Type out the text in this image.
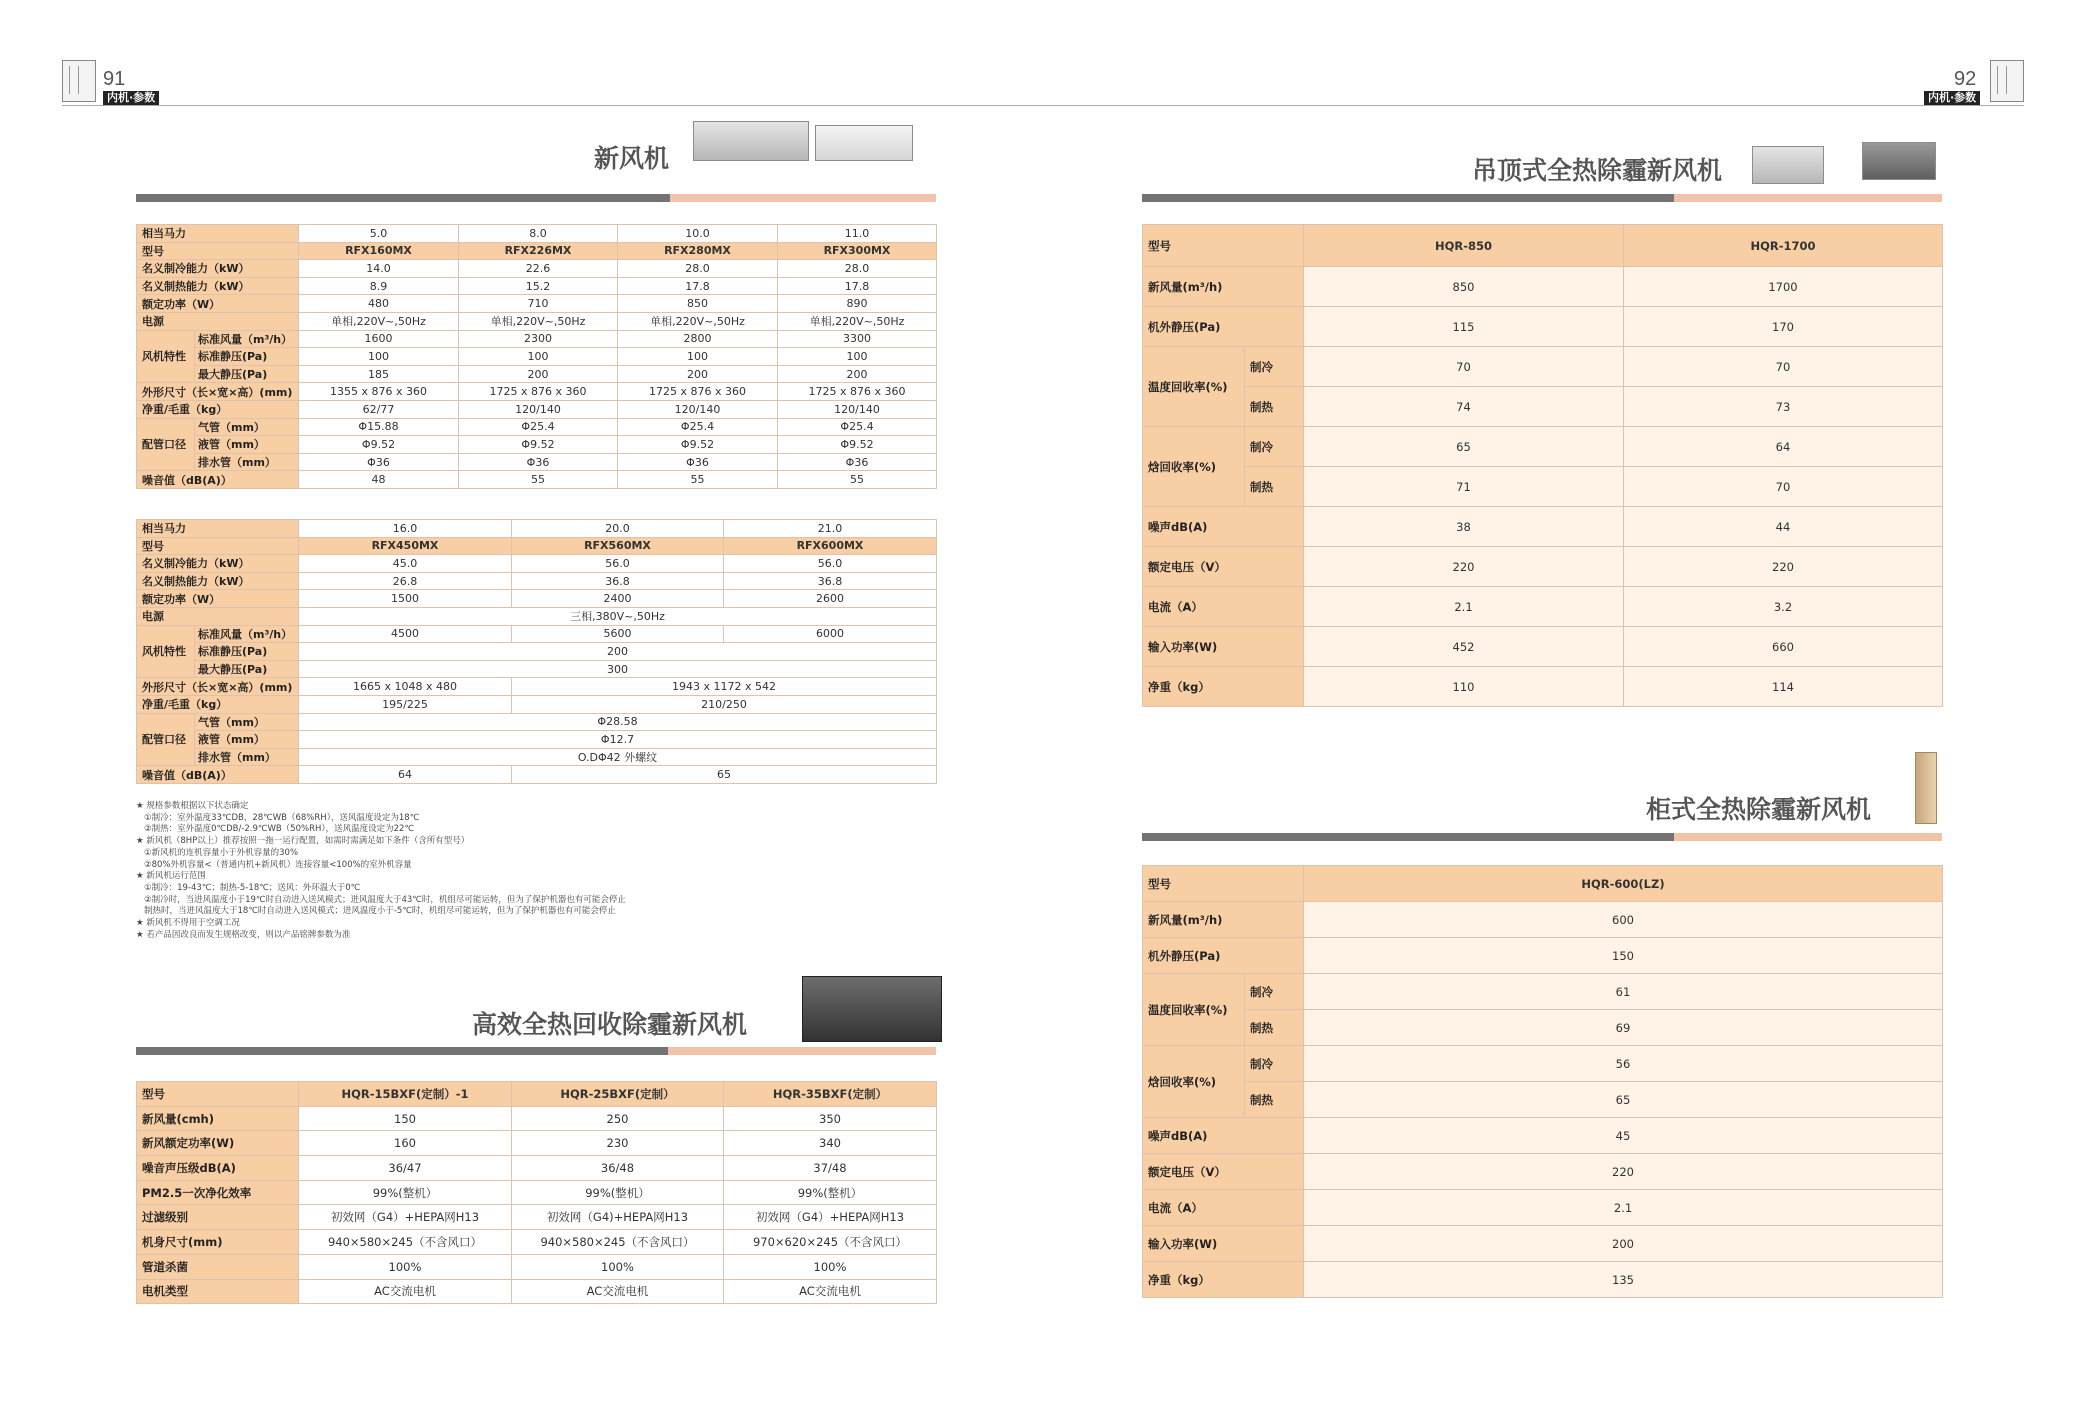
91
内机·参数
92
内机·参数
新风机
相当马力		5.0	8.0	10.0	11.0
型号		RFX160MX	RFX226MX	RFX280MX	RFX300MX
名义制冷能力（kW）		14.0	22.6	28.0	28.0
名义制热能力（kW）		8.9	15.2	17.8	17.8
额定功率（W）		480	710	850	890
电源		单相,220V~,50Hz	单相,220V~,50Hz	单相,220V~,50Hz	单相,220V~,50Hz
风机特性	标准风量（m³/h）	1600	2300	2800	3300
	标准静压(Pa)	100	100	100	100
	最大静压(Pa)	185	200	200	200
外形尺寸（长×宽×高）(mm)		1355 x 876 x 360	1725 x 876 x 360	1725 x 876 x 360	1725 x 876 x 360
净重/毛重（kg）		62/77	120/140	120/140	120/140
配管口径	气管（mm）	Φ15.88	Φ25.4	Φ25.4	Φ25.4
	液管（mm）	Φ9.52	Φ9.52	Φ9.52	Φ9.52
	排水管（mm）	Φ36	Φ36	Φ36	Φ36
噪音值（dB(A)）		48	55	55	55
相当马力		16.0	20.0	21.0
型号		RFX450MX	RFX560MX	RFX600MX
名义制冷能力（kW）		45.0	56.0	56.0
名义制热能力（kW）		26.8	36.8	36.8
额定功率（W）		1500	2400	2600
电源		三相,380V~,50Hz		
风机特性	标准风量（m³/h）	4500	5600	6000
	标准静压(Pa)	200		
	最大静压(Pa)	300		
外形尺寸（长×宽×高）(mm)		1665 x 1048 x 480	1943 x 1172 x 542	
净重/毛重（kg）		195/225	210/250	
配管口径	气管（mm）	Φ28.58		
	液管（mm）	Φ12.7		
	排水管（mm）	O.DΦ42 外螺纹		
噪音值（dB(A)）		64	65	
★ 规格参数根据以下状态确定
①制冷：室外温度33℃DB，28℃WB（68%RH），送风温度设定为18℃
②制热：室外温度0℃DB/-2.9℃WB（50%RH），送风温度设定为22℃
★ 新风机（8HP以上）推荐按照一拖一运行配置，如需时需满足如下条件（含所有型号）
①新风机的连机容量小于外机容量的30%
②80%外机容量<（普通内机+新风机）连接容量<100%的室外机容量
★ 新风机运行范围
①制冷：19-43℃；制热-5-18℃；送风：外环温大于0℃
②制冷时，当进风温度小于19℃时自动进入送风模式；进风温度大于43℃时，机组尽可能运转，但为了保护机器也有可能会停止
制热时，当进风温度大于18℃时自动进入送风模式；进风温度小于-5℃时，机组尽可能运转，但为了保护机器也有可能会停止
★ 新风机不得用于空调工况
★ 若产品因改良而发生规格改变，则以产品铭牌参数为准
高效全热回收除霾新风机
型号	HQR-15BXF(定制）-1	HQR-25BXF(定制）	HQR-35BXF(定制）
新风量(cmh)	150	250	350
新风额定功率(W)	160	230	340
噪音声压级dB(A)	36/47	36/48	37/48
PM2.5一次净化效率	99%(整机）	99%(整机）	99%(整机）
过滤级别	初效网（G4）+HEPA网H13	初效网（G4)+HEPA网H13	初效网（G4）+HEPA网H13
机身尺寸(mm)	940×580×245（不含风口）	940×580×245（不含风口）	970×620×245（不含风口）
管道杀菌	100%	100%	100%
电机类型	AC交流电机	AC交流电机	AC交流电机
吊顶式全热除霾新风机
型号		HQR-850	HQR-1700
新风量(m³/h)		850	1700
机外静压(Pa)		115	170
温度回收率(%)	制冷	70	70
	制热	74	73
焓回收率(%)	制冷	65	64
	制热	71	70
噪声dB(A)		38	44
额定电压（V）		220	220
电流（A）		2.1	3.2
输入功率(W)		452	660
净重（kg）		110	114
柜式全热除霾新风机
型号		HQR-600(LZ)
新风量(m³/h)		600
机外静压(Pa)		150
温度回收率(%)	制冷	61
	制热	69
焓回收率(%)	制冷	56
	制热	65
噪声dB(A)		45
额定电压（V）		220
电流（A）		2.1
输入功率(W)		200
净重（kg）		135
